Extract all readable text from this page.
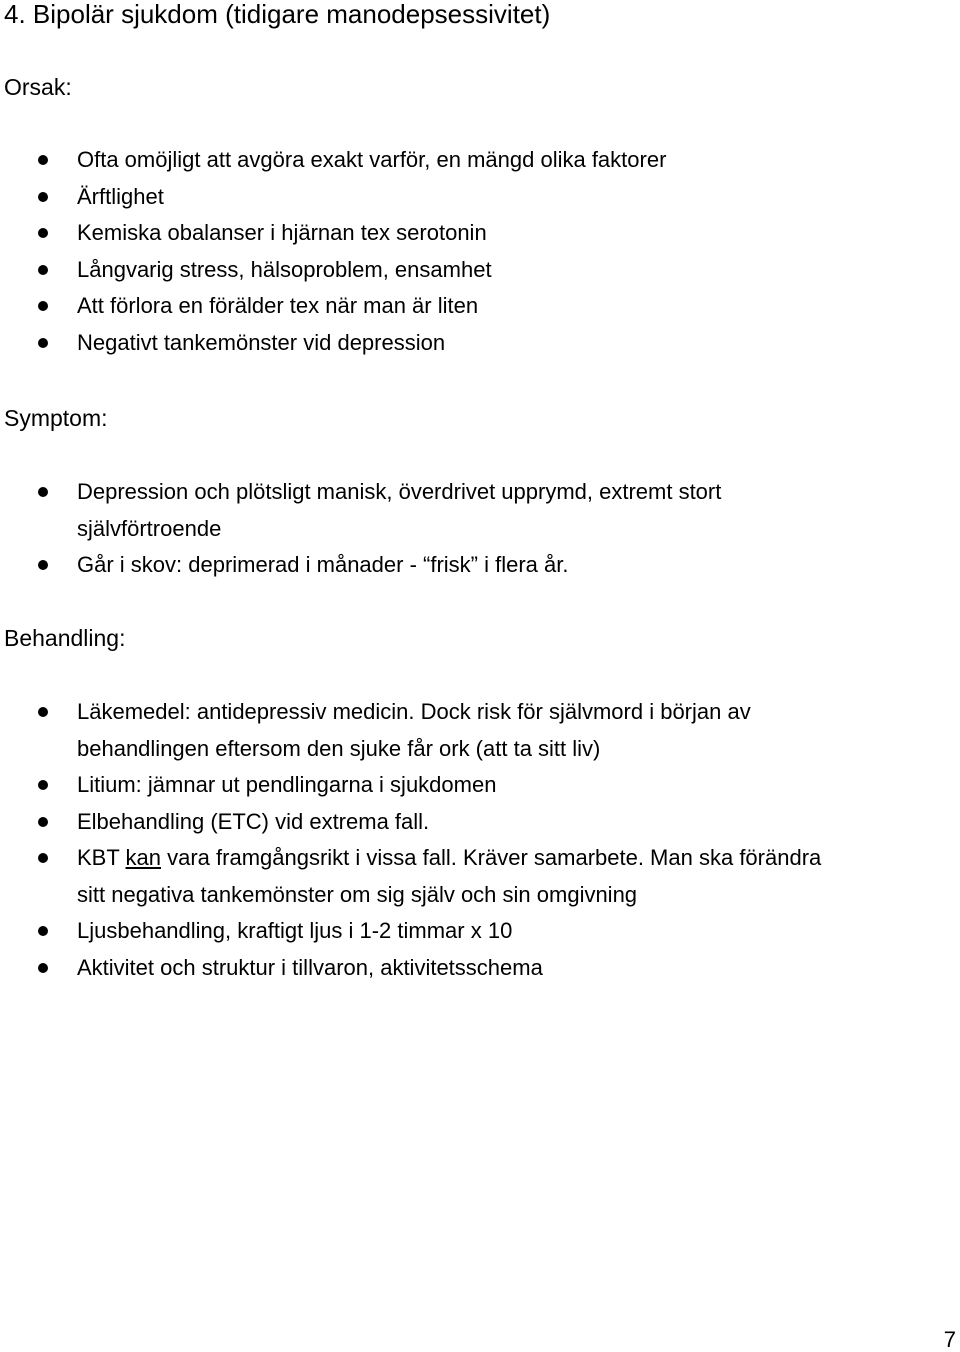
4. Bipolär sjukdom (tidigare manodepsessivitet)
Orsak:
Ofta omöjligt att avgöra exakt varför, en mängd olika faktorer
Ärftlighet
Kemiska obalanser i hjärnan tex serotonin
Långvarig stress, hälsoproblem, ensamhet
Att förlora en förälder tex när man är liten
Negativt tankemönster vid depression
Symptom:
Depression och plötsligt manisk, överdrivet upprymd, extremt stort
självförtroende
Går i skov: deprimerad i månader - “frisk” i flera år.
Behandling:
Läkemedel: antidepressiv medicin. Dock risk för självmord i början av
behandlingen eftersom den sjuke får ork (att ta sitt liv)
Litium: jämnar ut pendlingarna i sjukdomen
Elbehandling (ETC) vid extrema fall.
KBT kan vara framgångsrikt i vissa fall. Kräver samarbete. Man ska förändra
sitt negativa tankemönster om sig själv och sin omgivning
Ljusbehandling, kraftigt ljus i 1-2 timmar x 10
Aktivitet och struktur i tillvaron, aktivitetsschema
7
